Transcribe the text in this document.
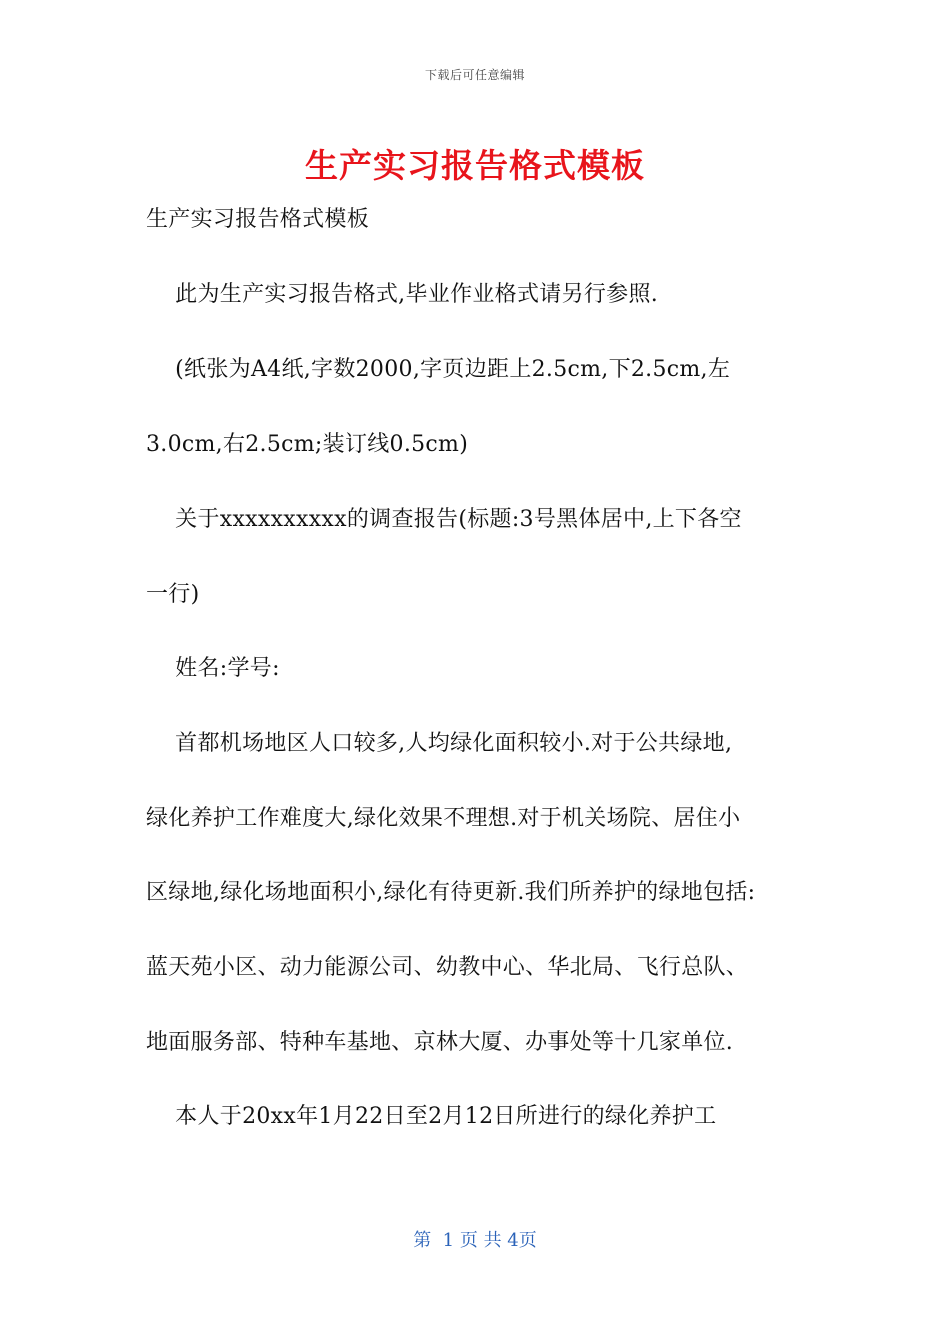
下载后可任意编辑
生产实习报告格式模板
生产实习报告格式模板
此为生产实习报告格式,毕业作业格式请另行参照.
(纸张为A4纸,字数2000,字页边距上2.5cm,下2.5cm,左
3.0cm,右2.5cm;装订线0.5cm)
关于xxxxxxxxxx的调查报告(标题:3号黑体居中,上下各空
一行)
姓名:学号:
首都机场地区人口较多,人均绿化面积较小.对于公共绿地,
绿化养护工作难度大,绿化效果不理想.对于机关场院、居住小
区绿地,绿化场地面积小,绿化有待更新.我们所养护的绿地包括:
蓝天苑小区、动力能源公司、幼教中心、华北局、飞行总队、
地面服务部、特种车基地、京林大厦、办事处等十几家单位.
本人于20xx年1月22日至2月12日所进行的绿化养护工
第  1 页 共 4页
